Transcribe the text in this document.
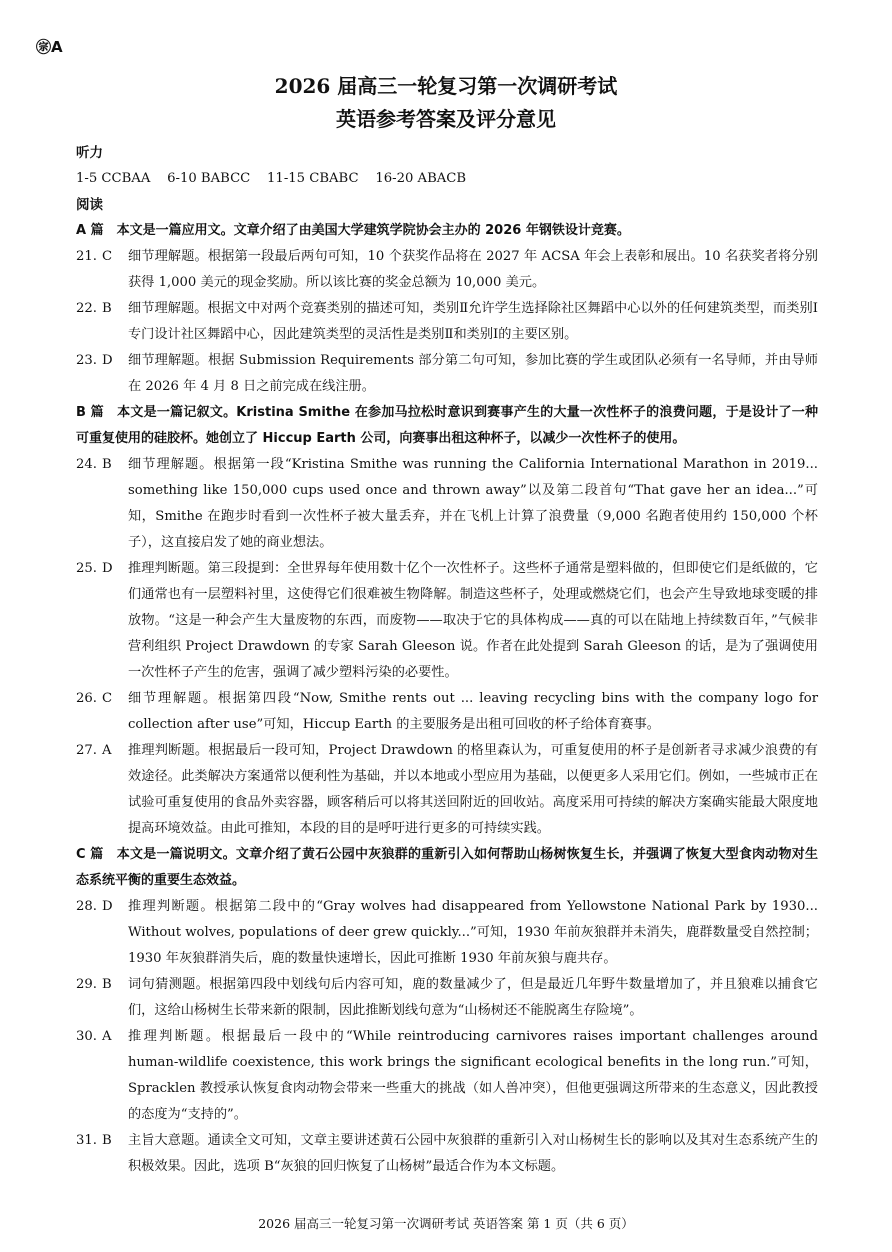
㊪A
2026 届高三一轮复习第一次调研考试
英语参考答案及评分意见
听力
1-5 CCBAA    6-10 BABCC    11-15 CBABC    16-20 ABACB
阅读
A 篇　本文是一篇应用文。文章介绍了由美国大学建筑学院协会主办的 2026 年钢铁设计竞赛。
21. C	细节理解题。根据第一段最后两句可知，10 个获奖作品将在 2027 年 ACSA 年会上表彰和展出。10 名获奖者将分别获得 1,000 美元的现金奖励。所以该比赛的奖金总额为 10,000 美元。
22. B	细节理解题。根据文中对两个竞赛类别的描述可知，类别Ⅱ允许学生选择除社区舞蹈中心以外的任何建筑类型，而类别Ⅰ专门设计社区舞蹈中心，因此建筑类型的灵活性是类别Ⅱ和类别Ⅰ的主要区别。
23. D	细节理解题。根据 Submission Requirements 部分第二句可知，参加比赛的学生或团队必须有一名导师，并由导师在 2026 年 4 月 8 日之前完成在线注册。
B 篇　本文是一篇记叙文。Kristina Smithe 在参加马拉松时意识到赛事产生的大量一次性杯子的浪费问题，于是设计了一种可重复使用的硅胶杯。她创立了 Hiccup Earth 公司，向赛事出租这种杯子，以减少一次性杯子的使用。
24. B	细节理解题。根据第一段“Kristina Smithe was running the California International Marathon in 2019... something like 150,000 cups used once and thrown away”以及第二段首句“That gave her an idea...”可知，Smithe 在跑步时看到一次性杯子被大量丢弃，并在飞机上计算了浪费量（9,000 名跑者使用约 150,000 个杯子），这直接启发了她的商业想法。
25. D	推理判断题。第三段提到：全世界每年使用数十亿个一次性杯子。这些杯子通常是塑料做的，但即使它们是纸做的，它们通常也有一层塑料衬里，这使得它们很难被生物降解。制造这些杯子，处理或燃烧它们，也会产生导致地球变暖的排放物。“这是一种会产生大量废物的东西，而废物——取决于它的具体构成——真的可以在陆地上持续数百年，”气候非营利组织 Project Drawdown 的专家 Sarah Gleeson 说。作者在此处提到 Sarah Gleeson 的话，是为了强调使用一次性杯子产生的危害，强调了减少塑料污染的必要性。
26. C	细节理解题。根据第四段“Now, Smithe rents out ... leaving recycling bins with the company logo for collection after use”可知，Hiccup Earth 的主要服务是出租可回收的杯子给体育赛事。
27. A	推理判断题。根据最后一段可知，Project Drawdown 的格里森认为，可重复使用的杯子是创新者寻求减少浪费的有效途径。此类解决方案通常以便利性为基础，并以本地或小型应用为基础，以便更多人采用它们。例如，一些城市正在试验可重复使用的食品外卖容器，顾客稍后可以将其送回附近的回收站。高度采用可持续的解决方案确实能最大限度地提高环境效益。由此可推知，本段的目的是呼吁进行更多的可持续实践。
C 篇　本文是一篇说明文。文章介绍了黄石公园中灰狼群的重新引入如何帮助山杨树恢复生长，并强调了恢复大型食肉动物对生态系统平衡的重要生态效益。
28. D	推理判断题。根据第二段中的“Gray wolves had disappeared from Yellowstone National Park by 1930... Without wolves, populations of deer grew quickly...”可知，1930 年前灰狼群并未消失，鹿群数量受自然控制；1930 年灰狼群消失后，鹿的数量快速增长，因此可推断 1930 年前灰狼与鹿共存。
29. B	词句猜测题。根据第四段中划线句后内容可知，鹿的数量减少了，但是最近几年野牛数量增加了，并且狼难以捕食它们，这给山杨树生长带来新的限制，因此推断划线句意为“山杨树还不能脱离生存险境”。
30. A	推理判断题。根据最后一段中的“While reintroducing carnivores raises important challenges around human-wildlife coexistence, this work brings the significant ecological benefits in the long run.”可知，Spracklen 教授承认恢复食肉动物会带来一些重大的挑战（如人兽冲突），但他更强调这所带来的生态意义，因此教授的态度为“支持的”。
31. B	主旨大意题。通读全文可知，文章主要讲述黄石公园中灰狼群的重新引入对山杨树生长的影响以及其对生态系统产生的积极效果。因此，选项 B“灰狼的回归恢复了山杨树”最适合作为本文标题。
2026 届高三一轮复习第一次调研考试 英语答案 第 1 页（共 6 页）
